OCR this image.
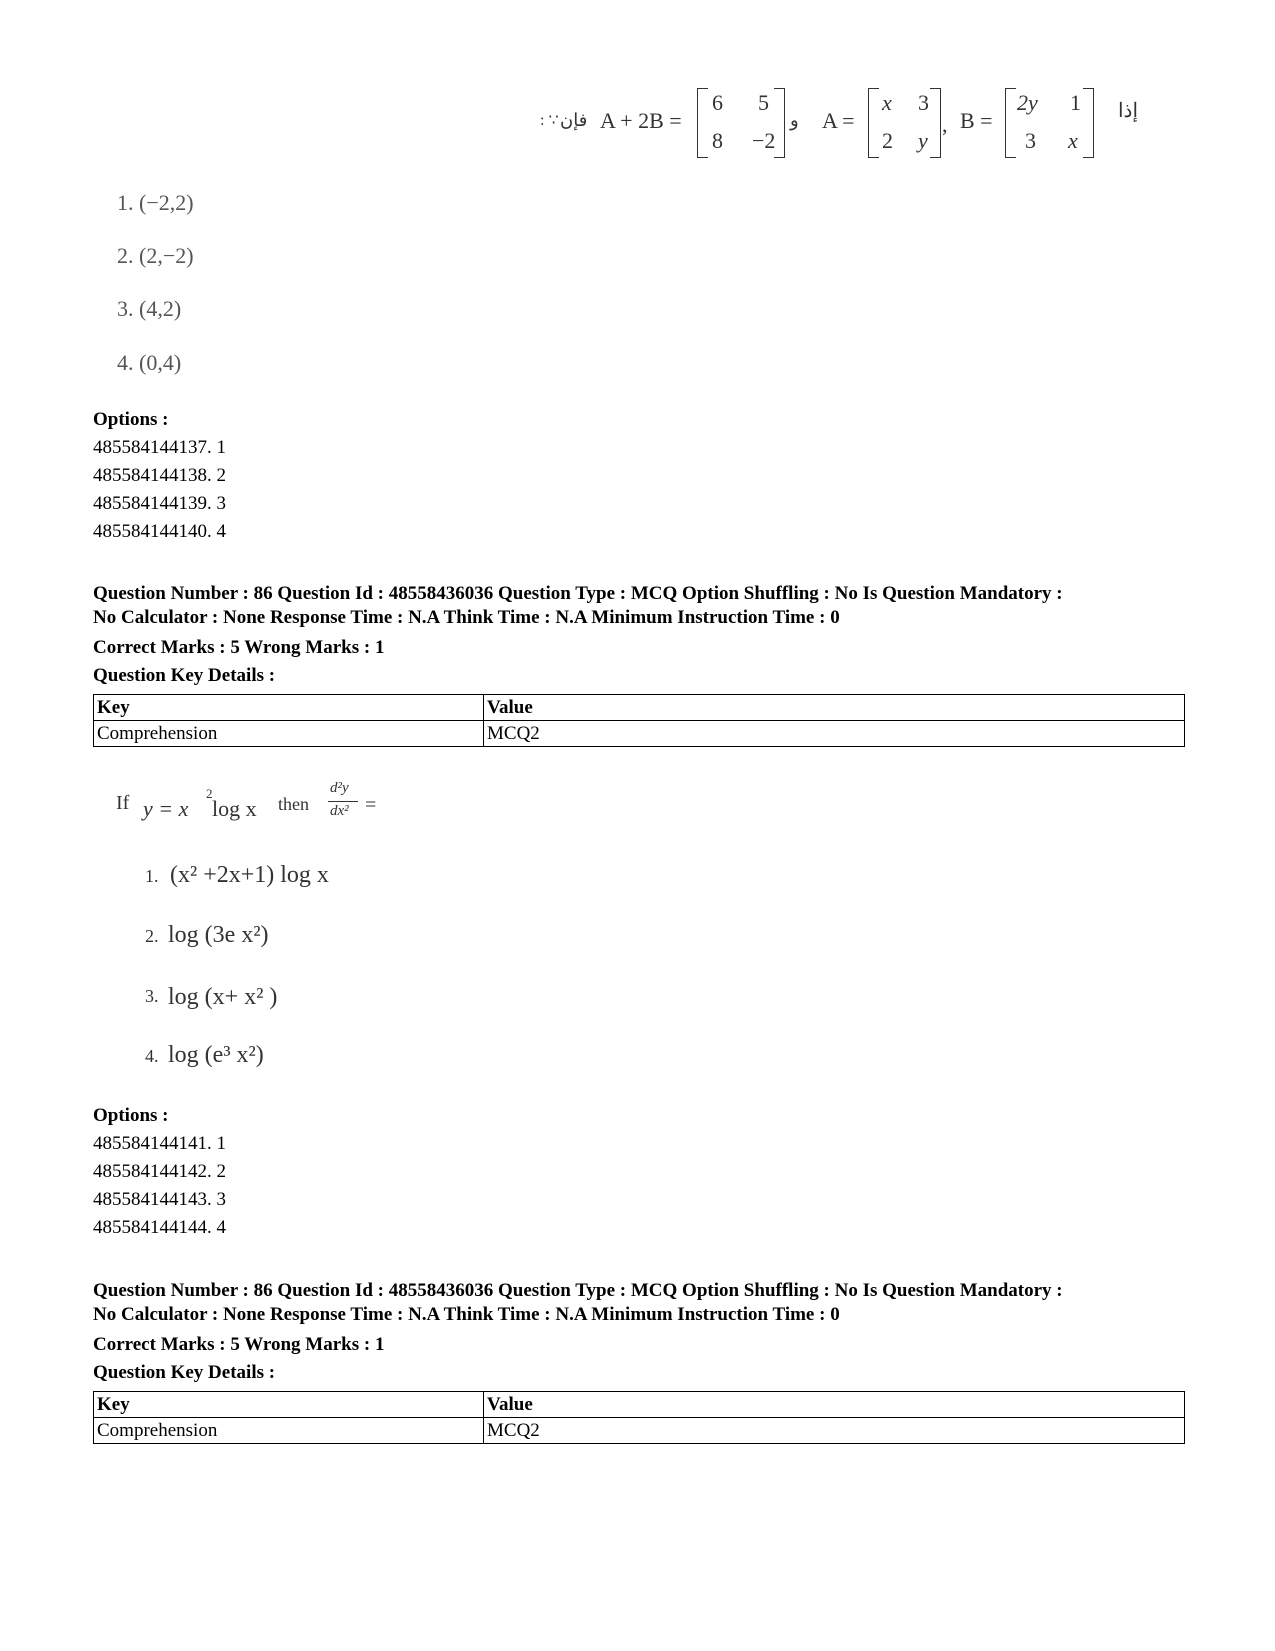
إذا
B =
2y 1
3 x
A =
x 3
2 y
,
و
A + 2B =
6 5
8 −2
فإن
: ∵
1. (−2,2)
2. (2,−2)
3. (4,2)
4. (0,4)
Options :
485584144137. 1
485584144138. 2
485584144139. 3
485584144140. 4
Question Number : 86 Question Id : 48558436036 Question Type : MCQ Option Shuffling : No Is Question Mandatory :
No Calculator : None Response Time : N.A Think Time : N.A Minimum Instruction Time : 0
Correct Marks : 5 Wrong Marks : 1
Question Key Details :
Key	Value
Comprehension	MCQ2
If y = x
2
log x then
d²y
dx² =
1. (x² +2x+1) log x
2. log (3e x²)
3. log (x+ x² )
4. log (e³ x²)
Options :
485584144141. 1
485584144142. 2
485584144143. 3
485584144144. 4
Question Number : 86 Question Id : 48558436036 Question Type : MCQ Option Shuffling : No Is Question Mandatory :
No Calculator : None Response Time : N.A Think Time : N.A Minimum Instruction Time : 0
Correct Marks : 5 Wrong Marks : 1
Question Key Details :
Key	Value
Comprehension	MCQ2
